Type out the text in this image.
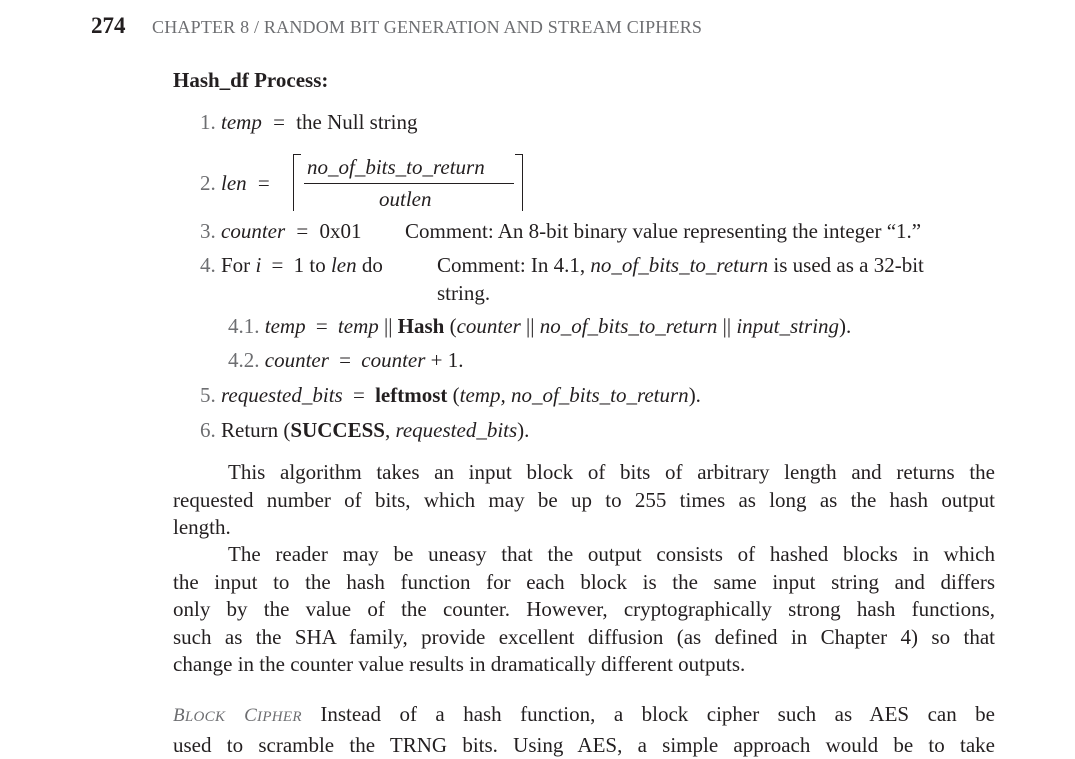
274 CHAPTER 8 / RANDOM BIT GENERATION AND STREAM CIPHERS
Hash_df Process:
1. temp = the Null string
2. len =
no_of_bits_to_return
outlen
3. counter = 0x01 Comment: An 8-bit binary value representing the integer “1.”
4. For i = 1 to len do	Comment: In 4.1, no_of_bits_to_return is used as a 32-bit
string.
4.1. temp = temp || Hash (counter || no_of_bits_to_return || input_string).
4.2. counter = counter + 1.
5. requested_bits = leftmost (temp, no_of_bits_to_return).
6. Return (SUCCESS, requested_bits).
This algorithm takes an input block of bits of arbitrary length and returns the
requested number of bits, which may be up to 255 times as long as the hash output
length.
The reader may be uneasy that the output consists of hashed blocks in which
the input to the hash function for each block is the same input string and differs
only by the value of the counter. However, cryptographically strong hash functions,
such as the SHA family, provide excellent diffusion (as defined in Chapter 4) so that
change in the counter value results in dramatically different outputs.
BLOCK CIPHER Instead of a hash function, a block cipher such as AES can be
used to scramble the TRNG bits. Using AES, a simple approach would be to take
